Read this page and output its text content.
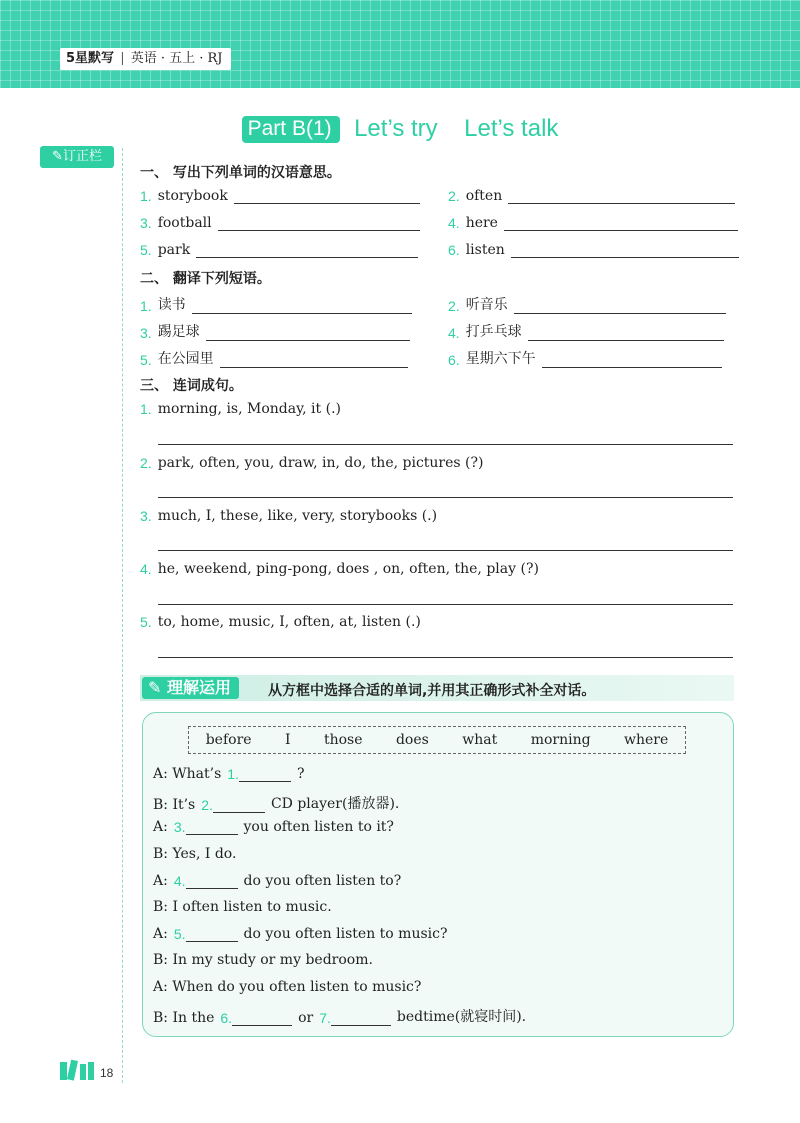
5星默写 | 英语 · 五上 · RJ
Part B(1) Let’s try Let’s talk
✎订正栏
一、 写出下列单词的汉语意思。
1. storybook	2. often
3. football	4. here
5. park	6. listen
二、 翻译下列短语。
1. 读书	2. 听音乐
3. 踢足球	4. 打乒乓球
5. 在公园里	6. 星期六下午
三、 连词成句。
1. morning, is, Monday, it (.)
2. park, often, you, draw, in, do, the, pictures (?)
3. much, I, these, like, very, storybooks (.)
4. he, weekend, ping-pong, does , on, often, the, play (?)
5. to, home, music, I, often, at, listen (.)
✎ 理解运用	从方框中选择合适的单词,并用其正确形式补全对话。
before I those does what morning where
A: What’s 1.	?
B: It’s 2.	CD player(播放器).
A: 3.	you often listen to it?
B: Yes, I do.
A: 4.	do you often listen to?
B: I often listen to music.
A: 5.	do you often listen to music?
B: In my study or my bedroom.
A: When do you often listen to music?
B: In the 6.	or 7.	bedtime(就寝时间).
18
